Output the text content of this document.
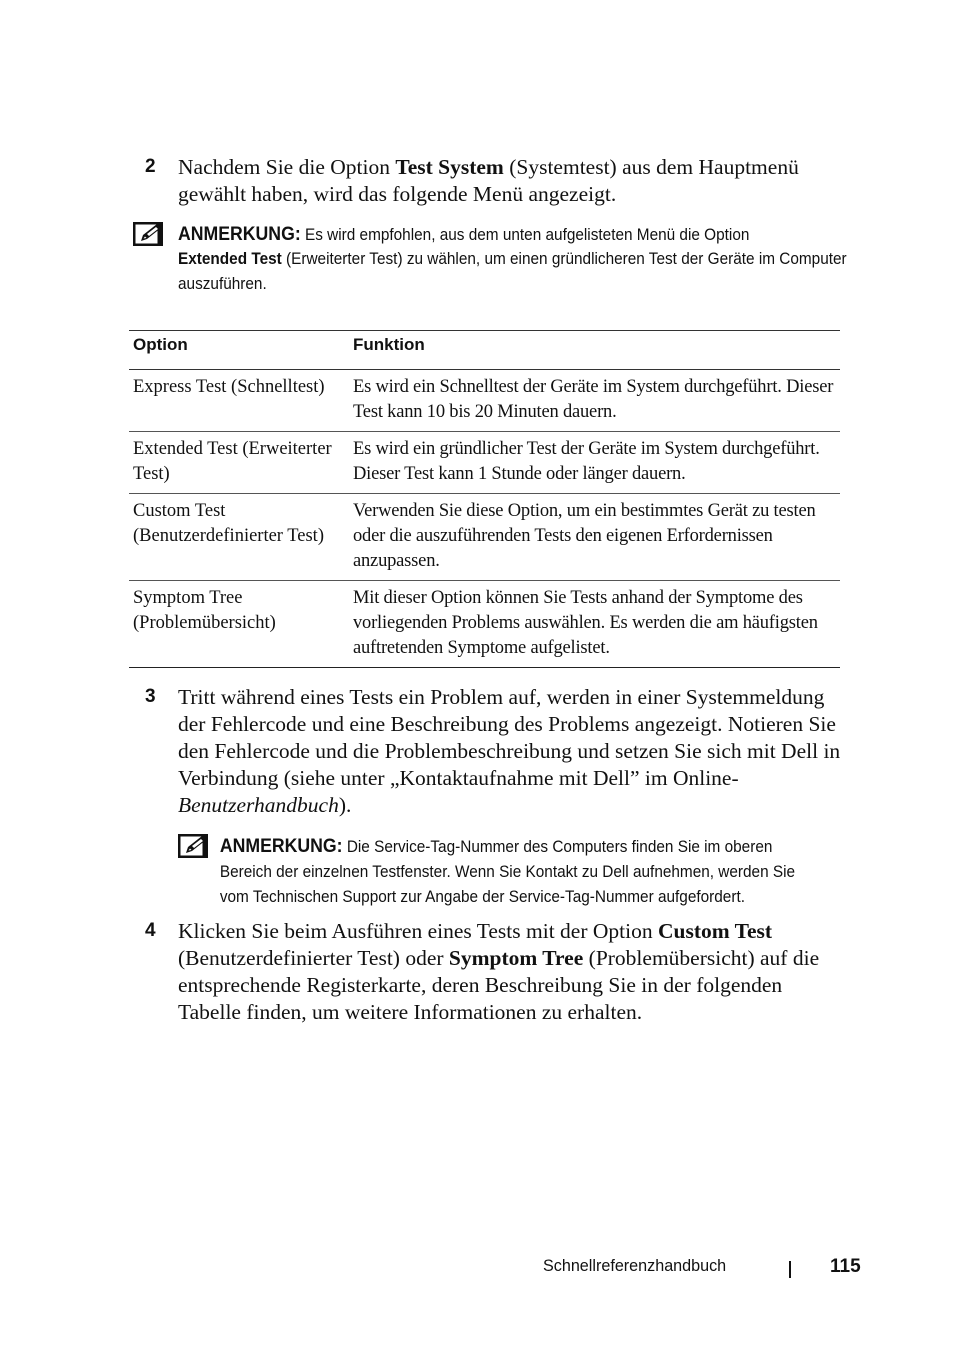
2 Nachdem Sie die Option Test System (Systemtest) aus dem Hauptmenü gewählt haben, wird das folgende Menü angezeigt.
ANMERKUNG: Es wird empfohlen, aus dem unten aufgelisteten Menü die Option
Extended Test (Erweiterter Test) zu wählen, um einen gründlicheren Test der Geräte im Computer auszuführen.
Option	Funktion
Express Test (Schnelltest)	Es wird ein Schnelltest der Geräte im System durchgeführt. Dieser Test kann 10 bis 20 Minuten dauern.
Extended Test (Erweiterter Test)	Es wird ein gründlicher Test der Geräte im System durchgeführt. Dieser Test kann 1 Stunde oder länger dauern.
Custom Test (Benutzerdefinierter Test)	Verwenden Sie diese Option, um ein bestimmtes Gerät zu testen oder die auszuführenden Tests den eigenen Erfordernissen anzupassen.
Symptom Tree (Problemübersicht)	Mit dieser Option können Sie Tests anhand der Symptome des vorliegenden Problems auswählen. Es werden die am häufigsten auftretenden Symptome aufgelistet.
3 Tritt während eines Tests ein Problem auf, werden in einer Systemmeldung der Fehlercode und eine Beschreibung des Problems angezeigt. Notieren Sie den Fehlercode und die Problembeschreibung und setzen Sie sich mit Dell in Verbindung (siehe unter „Kontaktaufnahme mit Dell” im Online-Benutzerhandbuch).
ANMERKUNG: Die Service-Tag-Nummer des Computers finden Sie im oberen Bereich der einzelnen Testfenster. Wenn Sie Kontakt zu Dell aufnehmen, werden Sie vom Technischen Support zur Angabe der Service-Tag-Nummer aufgefordert.
4 Klicken Sie beim Ausführen eines Tests mit der Option Custom Test (Benutzerdefinierter Test) oder Symptom Tree (Problemübersicht) auf die entsprechende Registerkarte, deren Beschreibung Sie in der folgenden Tabelle finden, um weitere Informationen zu erhalten.
Schnellreferenzhandbuch	115
